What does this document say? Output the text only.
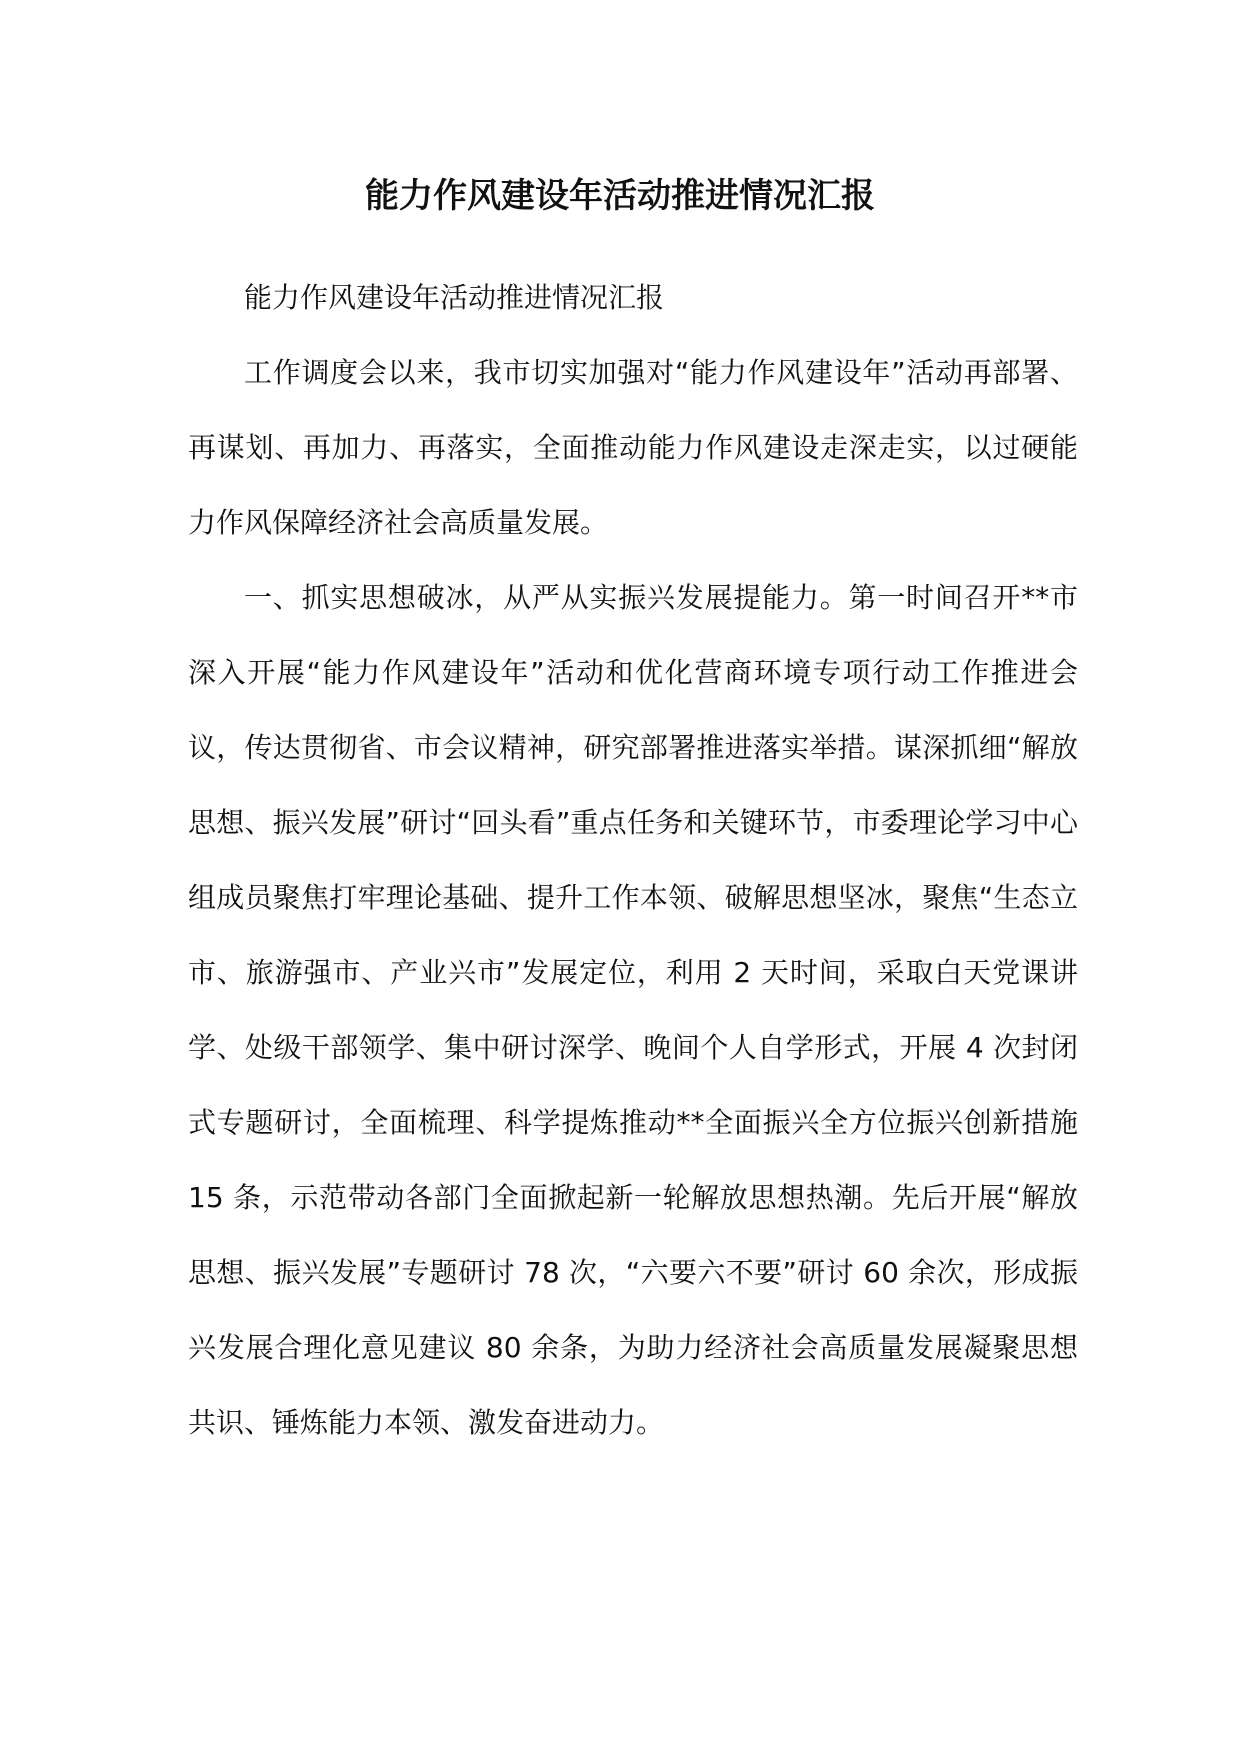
能力作风建设年活动推进情况汇报

能力作风建设年活动推进情况汇报

工作调度会以来，我市切实加强对“能力作风建设年”活动再部署、再谋划、再加力、再落实，全面推动能力作风建设走深走实，以过硬能力作风保障经济社会高质量发展。

一、抓实思想破冰，从严从实振兴发展提能力。第一时间召开**市深入开展“能力作风建设年”活动和优化营商环境专项行动工作推进会议，传达贯彻省、市会议精神，研究部署推进落实举措。谋深抓细“解放思想、振兴发展”研讨“回头看”重点任务和关键环节，市委理论学习中心组成员聚焦打牢理论基础、提升工作本领、破解思想坚冰，聚焦“生态立市、旅游强市、产业兴市”发展定位，利用 2 天时间，采取白天党课讲学、处级干部领学、集中研讨深学、晚间个人自学形式，开展 4 次封闭式专题研讨，全面梳理、科学提炼推动**全面振兴全方位振兴创新措施 15 条，示范带动各部门全面掀起新一轮解放思想热潮。先后开展“解放思想、振兴发展”专题研讨 78 次，“六要六不要”研讨 60 余次，形成振兴发展合理化意见建议 80 余条，为助力经济社会高质量发展凝聚思想共识、锤炼能力本领、激发奋进动力。
